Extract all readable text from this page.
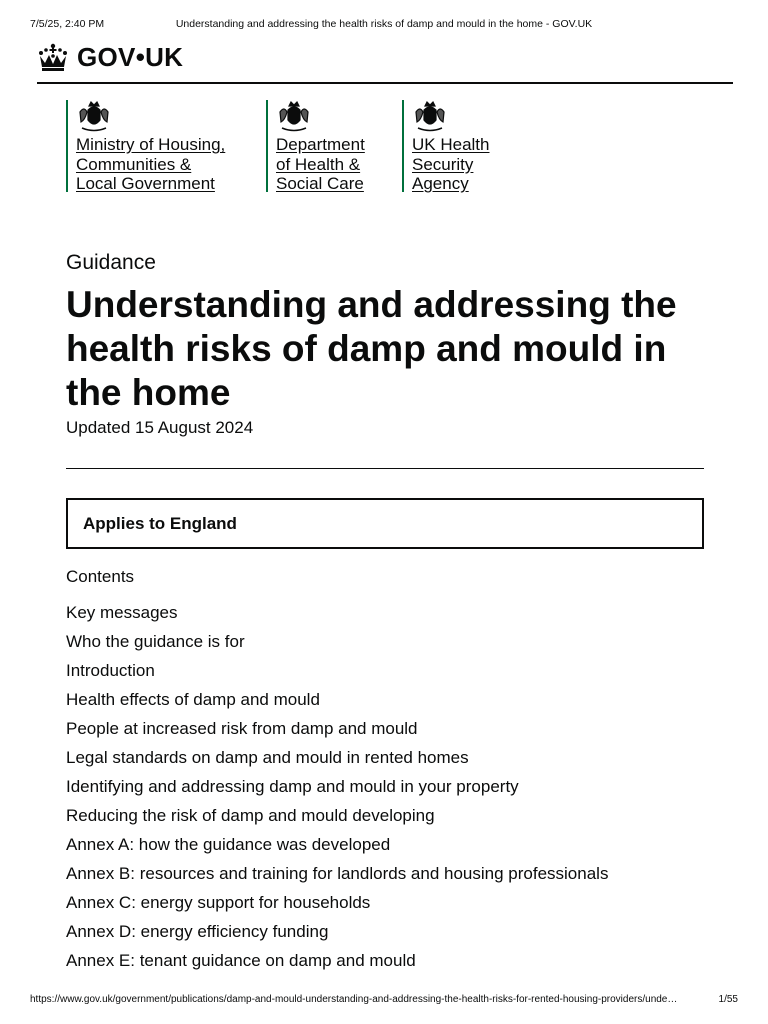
7/5/25, 2:40 PM	Understanding and addressing the health risks of damp and mould in the home - GOV.UK
GOV•UK
Ministry of Housing,
Communities &
Local Government
Department
of Health &
Social Care
UK Health
Security
Agency
Guidance
Understanding and addressing the health risks of damp and mould in the home
Updated 15 August 2024
Applies to England
Contents
Key messages
Who the guidance is for
Introduction
Health effects of damp and mould
People at increased risk from damp and mould
Legal standards on damp and mould in rented homes
Identifying and addressing damp and mould in your property
Reducing the risk of damp and mould developing
Annex A: how the guidance was developed
Annex B: resources and training for landlords and housing professionals
Annex C: energy support for households
Annex D: energy efficiency funding
Annex E: tenant guidance on damp and mould
https://www.gov.uk/government/publications/damp-and-mould-understanding-and-addressing-the-health-risks-for-rented-housing-providers/unde…	1/55
